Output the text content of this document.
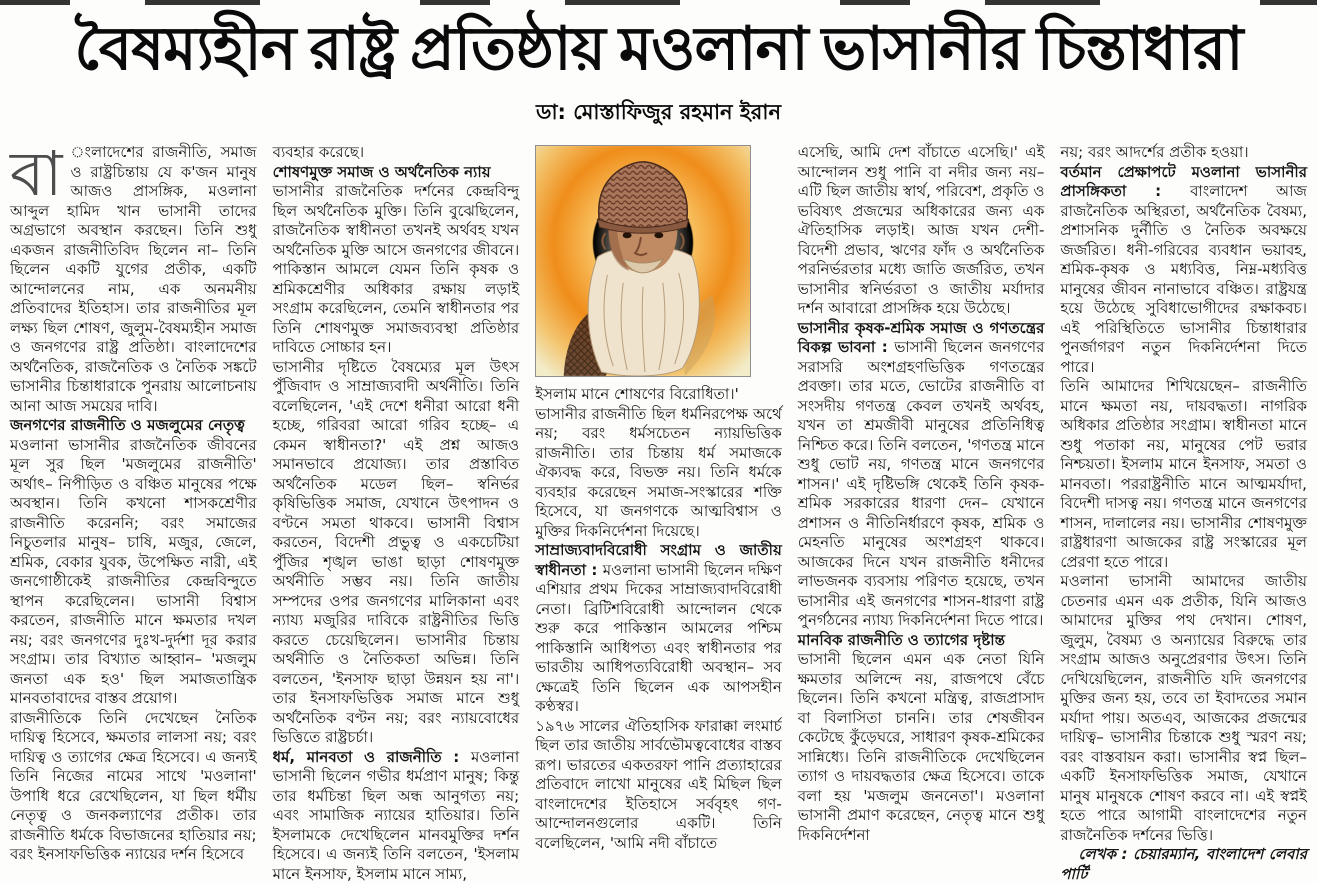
বৈষম্যহীন রাষ্ট্র প্রতিষ্ঠায় মওলানা ভাসানীর চিন্তাধারা
ডা: মোস্তাফিজুর রহমান ইরান

বা ংলাদেশের রাজনীতি, সমাজ ও রাষ্ট্রচিন্তায় যে ক'জন মানুষ আজও প্রাসঙ্গিক, মওলানা আব্দুল হামিদ খান ভাসানী তাদের অগ্রভাগে অবস্থান করছেন। তিনি শুধু একজন রাজনীতিবিদ ছিলেন না– তিনি ছিলেন একটি যুগের প্রতীক, একটি আন্দোলনের নাম, এক অনমনীয় প্রতিবাদের ইতিহাস। তার রাজনীতির মূল লক্ষ্য ছিল শোষণ, জুলুম-বৈষম্যহীন সমাজ ও জনগণের রাষ্ট্র প্রতিষ্ঠা। বাংলাদেশের অর্থনৈতিক, রাজনৈতিক ও নৈতিক সঙ্কটে ভাসানীর চিন্তাধারাকে পুনরায় আলোচনায় আনা আজ সময়ের দাবি।

জনগণের রাজনীতি ও মজলুমের নেতৃত্ব

মওলানা ভাসানীর রাজনৈতিক জীবনের মূল সুর ছিল 'মজলুমের রাজনীতি' অর্থাৎ– নিপীড়িত ও বঞ্চিত মানুষের পক্ষে অবস্থান। তিনি কখনো শাসকশ্রেণীর রাজনীতি করেননি; বরং সমাজের নিচুতলার মানুষ– চাষি, মজুর, জেলে, শ্রমিক, বেকার যুবক, উপেক্ষিত নারী, এই জনগোষ্ঠীকেই রাজনীতির কেন্দ্রবিন্দুতে স্থাপন করেছিলেন। ভাসানী বিশ্বাস করতেন, রাজনীতি মানে ক্ষমতার দখল নয়; বরং জনগণের দুঃখ-দুর্দশা দূর করার সংগ্রাম। তার বিখ্যাত আহ্বান– 'মজলুম জনতা এক হও' ছিল সমাজতান্ত্রিক মানবতাবাদের বাস্তব প্রয়োগ।

রাজনীতিকে তিনি দেখেছেন নৈতিক দায়িত্ব হিসেবে, ক্ষমতার লালসা নয়; বরং দায়িত্ব ও ত্যাগের ক্ষেত্র হিসেবে। এ জন্যই তিনি নিজের নামের সাথে 'মওলানা' উপাধি ধরে রেখেছিলেন, যা ছিল ধর্মীয় নেতৃত্ব ও জনকল্যাণের প্রতীক। তার রাজনীতি ধর্মকে বিভাজনের হাতিয়ার নয়; বরং ইনসাফভিত্তিক ন্যায়ের দর্শন হিসেবে

ব্যবহার করেছে।

শোষণমুক্ত সমাজ ও অর্থনৈতিক ন্যায়

ভাসানীর রাজনৈতিক দর্শনের কেন্দ্রবিন্দু ছিল অর্থনৈতিক মুক্তি। তিনি বুঝেছিলেন, রাজনৈতিক স্বাধীনতা তখনই অর্থবহ যখন অর্থনৈতিক মুক্তি আসে জনগণের জীবনে। পাকিস্তান আমলে যেমন তিনি কৃষক ও শ্রমিকশ্রেণীর অধিকার রক্ষায় লড়াই সংগ্রাম করেছিলেন, তেমনি স্বাধীনতার পর তিনি শোষণমুক্ত সমাজব্যবস্থা প্রতিষ্ঠার দাবিতে সোচ্চার হন।

ভাসানীর দৃষ্টিতে বৈষম্যের মূল উৎস পুঁজিবাদ ও সাম্রাজ্যবাদী অর্থনীতি। তিনি বলেছিলেন, 'এই দেশে ধনীরা আরো ধনী হচ্ছে, গরিবরা আরো গরিব হচ্ছে– এ কেমন স্বাধীনতা?' এই প্রশ্ন আজও সমানভাবে প্রযোজ্য। তার প্রস্তাবিত অর্থনৈতিক মডেল ছিল– স্বনির্ভর কৃষিভিত্তিক সমাজ, যেখানে উৎপাদন ও বণ্টনে সমতা থাকবে। ভাসানী বিশ্বাস করতেন, বিদেশী প্রভুত্ব ও একচেটিয়া পুঁজির শৃঙ্খল ভাঙা ছাড়া শোষণমুক্ত অর্থনীতি সম্ভব নয়। তিনি জাতীয় সম্পদের ওপর জনগণের মালিকানা এবং ন্যায্য মজুরির দাবিকে রাষ্ট্রনীতির ভিত্তি করতে চেয়েছিলেন। ভাসানীর চিন্তায় অর্থনীতি ও নৈতিকতা অভিন্ন। তিনি বলতেন, 'ইনসাফ ছাড়া উন্নয়ন হয় না'। তার ইনসাফভিত্তিক সমাজ মানে শুধু অর্থনৈতিক বণ্টন নয়; বরং ন্যায়বোধের ভিত্তিতে রাষ্ট্রচর্চা।

ধর্ম, মানবতা ও রাজনীতি : মওলানা ভাসানী ছিলেন গভীর ধর্মপ্রাণ মানুষ; কিন্তু তার ধর্মচিন্তা ছিল অন্ধ আনুগত্য নয়; এবং সামাজিক ন্যায়ের হাতিয়ার। তিনি ইসলামকে দেখেছিলেন মানবমুক্তির দর্শন হিসেবে। এ জন্যই তিনি বলতেন, 'ইসলাম মানে ইনসাফ, ইসলাম মানে সাম্য,

ইসলাম মানে শোষণের বিরোধিতা।'

ভাসানীর রাজনীতি ছিল ধর্মনিরপেক্ষ অর্থে নয়; বরং ধর্মসচেতন ন্যায়ভিত্তিক রাজনীতি। তার চিন্তায় ধর্ম সমাজকে ঐক্যবদ্ধ করে, বিভক্ত নয়। তিনি ধর্মকে ব্যবহার করেছেন সমাজ-সংস্কারের শক্তি হিসেবে, যা জনগণকে আত্মবিশ্বাস ও মুক্তির দিকনির্দেশনা দিয়েছে।

সাম্রাজ্যবাদবিরোধী সংগ্রাম ও জাতীয় স্বাধীনতা : মওলানা ভাসানী ছিলেন দক্ষিণ এশিয়ার প্রথম দিকের সাম্রাজ্যবাদবিরোধী নেতা। ব্রিটিশবিরোধী আন্দোলন থেকে শুরু করে পাকিস্তান আমলের পশ্চিম পাকিস্তানি আধিপত্য এবং স্বাধীনতার পর ভারতীয় আধিপত্যবিরোধী অবস্থান– সব ক্ষেত্রেই তিনি ছিলেন এক আপসহীন কণ্ঠস্বর।

১৯৭৬ সালের ঐতিহাসিক ফারাক্কা লংমার্চ ছিল তার জাতীয় সার্বভৌমত্ববোধের বাস্তব রূপ। ভারতের একতরফা পানি প্রত্যাহারের প্রতিবাদে লাখো মানুষের এই মিছিল ছিল বাংলাদেশের ইতিহাসে সর্ববৃহৎ গণ-আন্দোলনগুলোর একটি। তিনি বলেছিলেন, 'আমি নদী বাঁচাতে

এসেছি, আমি দেশ বাঁচাতে এসেছি।' এই আন্দোলন শুধু পানি বা নদীর জন্য নয়– এটি ছিল জাতীয় স্বার্থ, পরিবেশ, প্রকৃতি ও ভবিষ্যৎ প্রজন্মের অধিকারের জন্য এক ঐতিহাসিক লড়াই। আজ যখন দেশী-বিদেশী প্রভাব, ঋণের ফাঁদ ও অর্থনৈতিক পরনির্ভরতার মধ্যে জাতি জর্জরিত, তখন ভাসানীর স্বনির্ভরতা ও জাতীয় মর্যাদার দর্শন আবারো প্রাসঙ্গিক হয়ে উঠেছে।

ভাসানীর কৃষক-শ্রমিক সমাজ ও গণতন্ত্রের বিকল্প ভাবনা : ভাসানী ছিলেন জনগণের সরাসরি অংশগ্রহণভিত্তিক গণতন্ত্রের প্রবক্তা। তার মতে, ভোটের রাজনীতি বা সংসদীয় গণতন্ত্র কেবল তখনই অর্থবহ, যখন তা শ্রমজীবী মানুষের প্রতিনিধিত্ব নিশ্চিত করে। তিনি বলতেন, 'গণতন্ত্র মানে শুধু ভোট নয়, গণতন্ত্র মানে জনগণের শাসন।' এই দৃষ্টিভঙ্গি থেকেই তিনি কৃষক-শ্রমিক সরকারের ধারণা দেন– যেখানে প্রশাসন ও নীতিনির্ধারণে কৃষক, শ্রমিক ও মেহনতি মানুষের অংশগ্রহণ থাকবে। আজকের দিনে যখন রাজনীতি ধনীদের লাভজনক ব্যবসায় পরিণত হয়েছে, তখন ভাসানীর এই জনগণের শাসন-ধারণা রাষ্ট্র পুনর্গঠনের ন্যায্য দিকনির্দেশনা দিতে পারে।

মানবিক রাজনীতি ও ত্যাগের দৃষ্টান্ত

ভাসানী ছিলেন এমন এক নেতা যিনি ক্ষমতার অলিন্দে নয়, রাজপথে বেঁচে ছিলেন। তিনি কখনো মন্ত্রিত্ব, রাজপ্রাসাদ বা বিলাসিতা চাননি। তার শেষজীবন কেটেছে কুঁড়েঘরে, সাধারণ কৃষক-শ্রমিকের সান্নিধ্যে। তিনি রাজনীতিকে দেখেছিলেন ত্যাগ ও দায়বদ্ধতার ক্ষেত্র হিসেবে। তাকে বলা হয় 'মজলুম জননেতা'। মওলানা ভাসানী প্রমাণ করেছেন, নেতৃত্ব মানে শুধু দিকনির্দেশনা

নয়; বরং আদর্শের প্রতীক হওয়া।

বর্তমান প্রেক্ষাপটে মওলানা ভাসানীর প্রাসঙ্গিকতা : বাংলাদেশ আজ রাজনৈতিক অস্থিরতা, অর্থনৈতিক বৈষম্য, প্রশাসনিক দুর্নীতি ও নৈতিক অবক্ষয়ে জর্জরিত। ধনী-গরিবের ব্যবধান ভয়াবহ, শ্রমিক-কৃষক ও মধ্যবিত্ত, নিম্ন-মধ্যবিত্ত মানুষের জীবন নানাভাবে বঞ্চিত। রাষ্ট্রযন্ত্র হয়ে উঠেছে সুবিধাভোগীদের রক্ষাকবচ। এই পরিস্থিতিতে ভাসানীর চিন্তাধারার পুনর্জাগরণ নতুন দিকনির্দেশনা দিতে পারে।

তিনি আমাদের শিখিয়েছেন– রাজনীতি মানে ক্ষমতা নয়, দায়বদ্ধতা। নাগরিক অধিকার প্রতিষ্ঠার সংগ্রাম। স্বাধীনতা মানে শুধু পতাকা নয়, মানুষের পেট ভরার নিশ্চয়তা। ইসলাম মানে ইনসাফ, সমতা ও মানবতা। পররাষ্ট্রনীতি মানে আত্মমর্যাদা, বিদেশী দাসত্ব নয়। গণতন্ত্র মানে জনগণের শাসন, দালালের নয়। ভাসানীর শোষণমুক্ত রাষ্ট্রধারণা আজকের রাষ্ট্র সংস্কারের মূল প্রেরণা হতে পারে।

মওলানা ভাসানী আমাদের জাতীয় চেতনার এমন এক প্রতীক, যিনি আজও আমাদের মুক্তির পথ দেখান। শোষণ, জুলুম, বৈষম্য ও অন্যায়ের বিরুদ্ধে তার সংগ্রাম আজও অনুপ্রেরণার উৎস। তিনি দেখিয়েছিলেন, রাজনীতি যদি জনগণের মুক্তির জন্য হয়, তবে তা ইবাদতের সমান মর্যাদা পায়। অতএব, আজকের প্রজন্মের দায়িত্ব– ভাসানীর চিন্তাকে শুধু স্মরণ নয়; বরং বাস্তবায়ন করা। ভাসানীর স্বপ্ন ছিল– একটি ইনসাফভিত্তিক সমাজ, যেখানে মানুষ মানুষকে শোষণ করবে না। এই স্বপ্নই হতে পারে আগামী বাংলাদেশের নতুন রাজনৈতিক দর্শনের ভিত্তি।

লেখক : চেয়ারম্যান, বাংলাদেশ লেবার পার্টি
